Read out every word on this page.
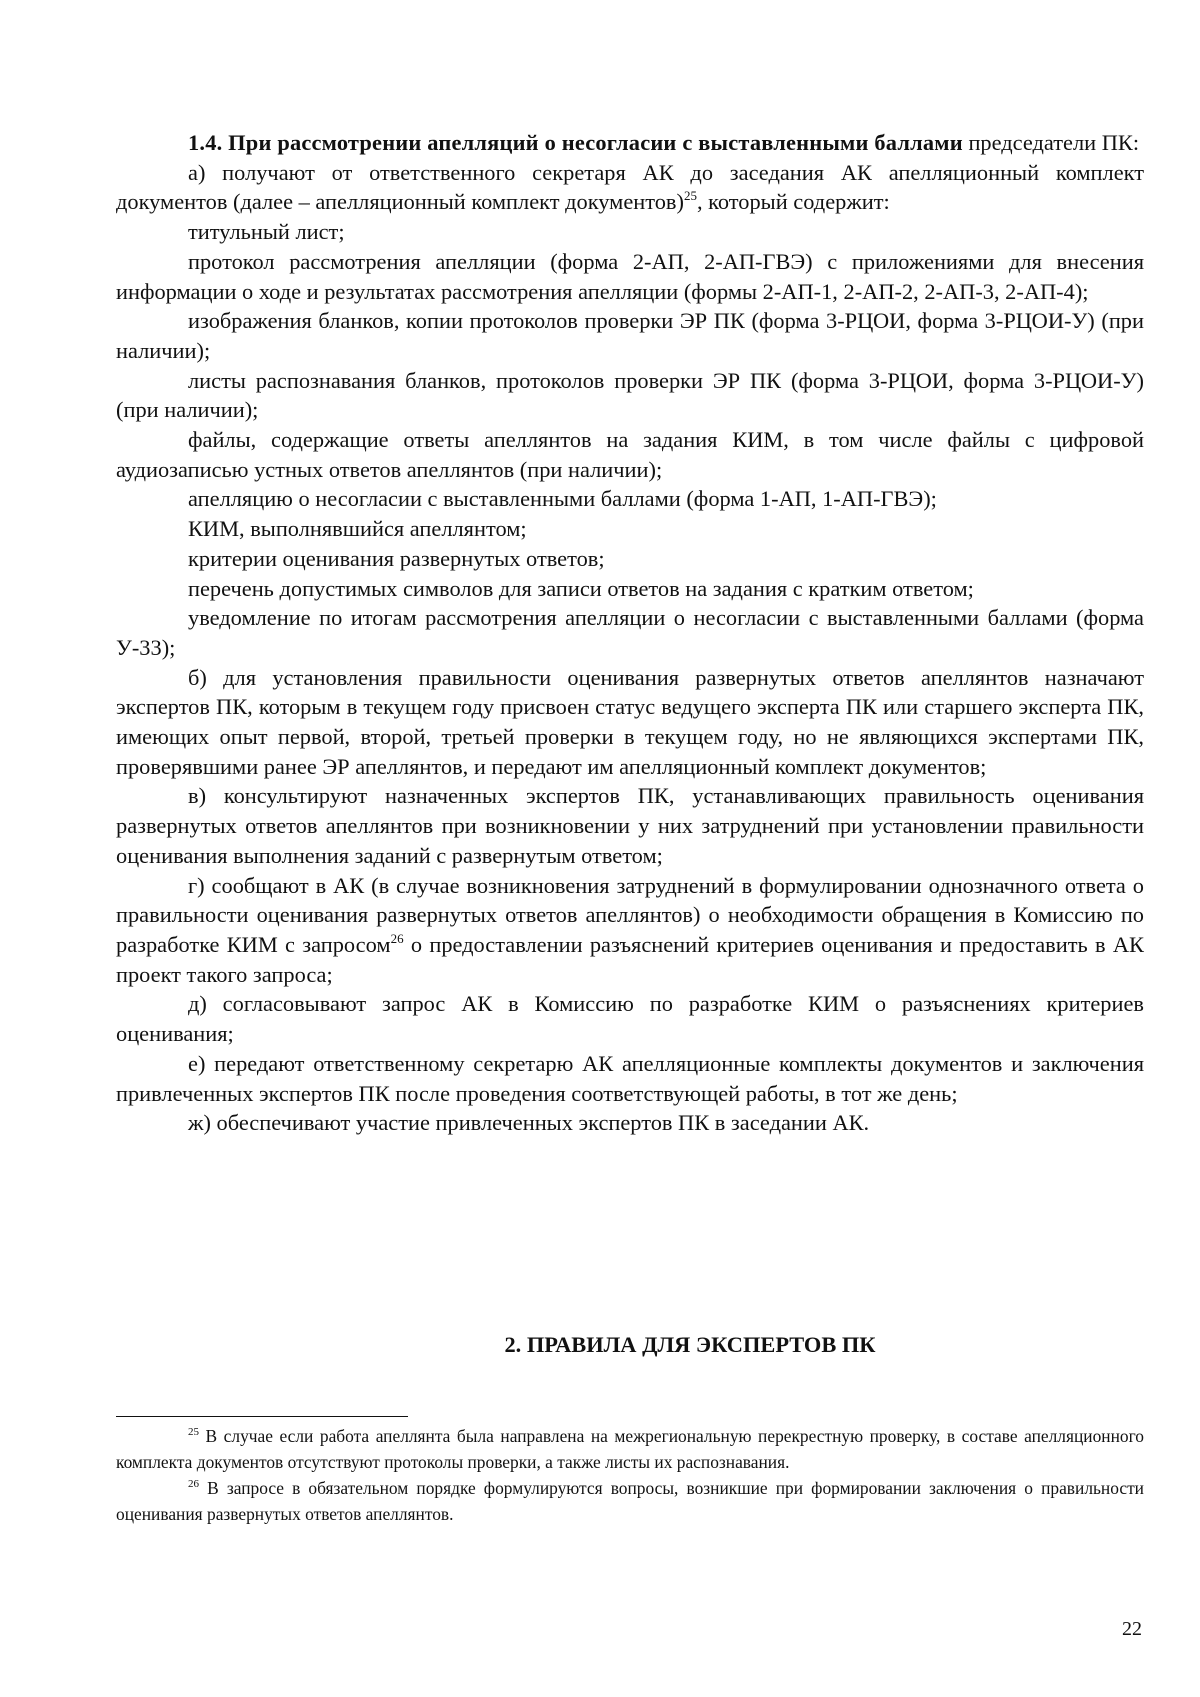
1.4. При рассмотрении апелляций о несогласии с выставленными баллами председатели ПК:

а) получают от ответственного секретаря АК до заседания АК апелляционный комплект документов (далее – апелляционный комплект документов)$^{25}$, который содержит:

титульный лист;

протокол рассмотрения апелляции (форма 2-АП, 2-АП-ГВЭ) с приложениями для внесения информации о ходе и результатах рассмотрения апелляции (формы 2-АП-1, 2-АП-2, 2-АП-3, 2-АП-4);

изображения бланков, копии протоколов проверки ЭР ПК (форма 3-РЦОИ, форма 3-РЦОИ-У) (при наличии);

листы распознавания бланков, протоколов проверки ЭР ПК (форма 3-РЦОИ, форма 3-РЦОИ-У) (при наличии);

файлы, содержащие ответы апеллянтов на задания КИМ, в том числе файлы с цифровой аудиозаписью устных ответов апеллянтов (при наличии);

апелляцию о несогласии с выставленными баллами (форма 1-АП, 1-АП-ГВЭ);

КИМ, выполнявшийся апеллянтом;

критерии оценивания развернутых ответов;

перечень допустимых символов для записи ответов на задания с кратким ответом;

уведомление по итогам рассмотрения апелляции о несогласии с выставленными баллами (форма У-33);

б) для установления правильности оценивания развернутых ответов апеллянтов назначают экспертов ПК, которым в текущем году присвоен статус ведущего эксперта ПК или старшего эксперта ПК, имеющих опыт первой, второй, третьей проверки в текущем году, но не являющихся экспертами ПК, проверявшими ранее ЭР апеллянтов, и передают им апелляционный комплект документов;

в) консультируют назначенных экспертов ПК, устанавливающих правильность оценивания развернутых ответов апеллянтов при возникновении у них затруднений при установлении правильности оценивания выполнения заданий с развернутым ответом;

г) сообщают в АК (в случае возникновения затруднений в формулировании однозначного ответа о правильности оценивания развернутых ответов апеллянтов) о необходимости обращения в Комиссию по разработке КИМ с запросом$^{26}$ о предоставлении разъяснений критериев оценивания и предоставить в АК проект такого запроса;

д) согласовывают запрос АК в Комиссию по разработке КИМ о разъяснениях критериев оценивания;

е) передают ответственному секретарю АК апелляционные комплекты документов и заключения привлеченных экспертов ПК после проведения соответствующей работы, в тот же день;

ж) обеспечивают участие привлеченных экспертов ПК в заседании АК.

2. ПРАВИЛА ДЛЯ ЭКСПЕРТОВ ПК

$^{25}$ В случае если работа апеллянта была направлена на межрегиональную перекрестную проверку, в составе апелляционного комплекта документов отсутствуют протоколы проверки, а также листы их распознавания.

$^{26}$ В запросе в обязательном порядке формулируются вопросы, возникшие при формировании заключения о правильности оценивания развернутых ответов апеллянтов.

22
